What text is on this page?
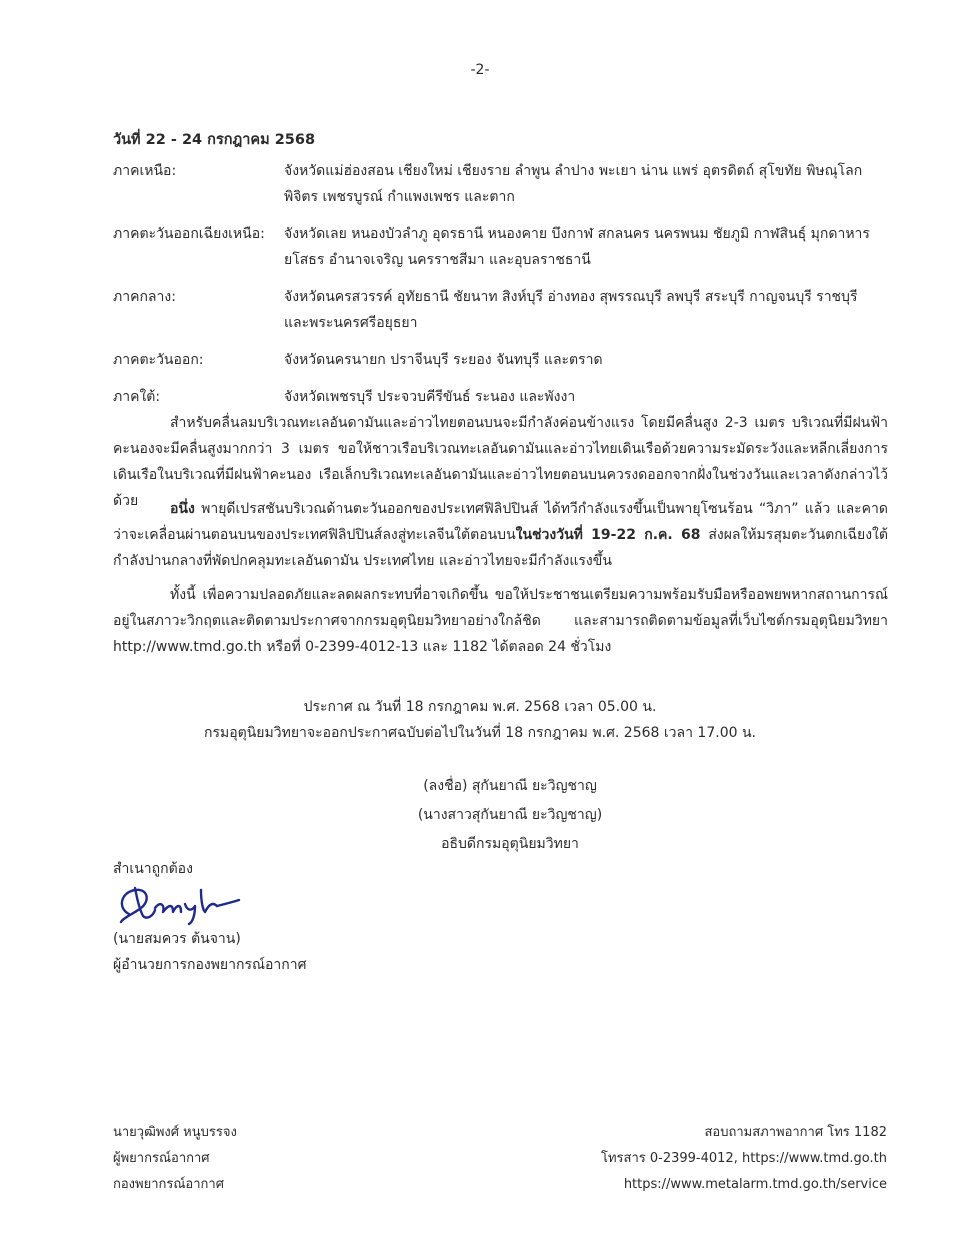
-2-
วันที่ 22 - 24 กรกฎาคม 2568
ภาคเหนือ:	จังหวัดแม่ฮ่องสอน เชียงใหม่ เชียงราย ลำพูน ลำปาง พะเยา น่าน แพร่ อุตรดิตถ์ สุโขทัย พิษณุโลก พิจิตร เพชรบูรณ์ กำแพงเพชร และตาก
ภาคตะวันออกเฉียงเหนือ:	จังหวัดเลย หนองบัวลำภู อุดรธานี หนองคาย บึงกาฬ สกลนคร นครพนม ชัยภูมิ กาฬสินธุ์ มุกดาหาร ยโสธร อำนาจเจริญ นครราชสีมา และอุบลราชธานี
ภาคกลาง:	จังหวัดนครสวรรค์ อุทัยธานี ชัยนาท สิงห์บุรี อ่างทอง สุพรรณบุรี ลพบุรี สระบุรี กาญจนบุรี ราชบุรี และพระนครศรีอยุธยา
ภาคตะวันออก:	จังหวัดนครนายก ปราจีนบุรี ระยอง จันทบุรี และตราด
ภาคใต้:	จังหวัดเพชรบุรี ประจวบคีรีขันธ์ ระนอง และพังงา

สำหรับคลื่นลมบริเวณทะเลอันดามันและอ่าวไทยตอนบนจะมีกำลังค่อนข้างแรง โดยมีคลื่นสูง 2-3 เมตร บริเวณที่มีฝนฟ้าคะนองจะมีคลื่นสูงมากกว่า 3 เมตร ขอให้ชาวเรือบริเวณทะเลอันดามันและอ่าวไทยเดินเรือด้วยความระมัดระวังและหลีกเลี่ยงการเดินเรือในบริเวณที่มีฝนฟ้าคะนอง เรือเล็กบริเวณทะเลอันดามันและอ่าวไทยตอนบนควรงดออกจากฝั่งในช่วงวันและเวลาดังกล่าวไว้ด้วย	อนึ่ง พายุดีเปรสชันบริเวณด้านตะวันออกของประเทศฟิลิปปินส์ ได้ทวีกำลังแรงขึ้นเป็นพายุโซนร้อน “วิภา” แล้ว และคาดว่าจะเคลื่อนผ่านตอนบนของประเทศฟิลิปปินส์ลงสู่ทะเลจีนใต้ตอนบนในช่วงวันที่ 19-22 ก.ค. 68 ส่งผลให้มรสุมตะวันตกเฉียงใต้กำลังปานกลางที่พัดปกคลุมทะเลอันดามัน ประเทศไทย และอ่าวไทยจะมีกำลังแรงขึ้น

ทั้งนี้ เพื่อความปลอดภัยและลดผลกระทบที่อาจเกิดขึ้น ขอให้ประชาชนเตรียมความพร้อมรับมือหรืออพยพหากสถานการณ์อยู่ในสภาวะวิกฤตและติดตามประกาศจากกรมอุตุนิยมวิทยาอย่างใกล้ชิด และสามารถติดตามข้อมูลที่เว็บไซต์กรมอุตุนิยมวิทยา http://www.tmd.go.th หรือที่ 0-2399-4012-13 และ 1182 ได้ตลอด 24 ชั่วโมง

ประกาศ ณ วันที่ 18 กรกฎาคม พ.ศ. 2568 เวลา 05.00 น.
กรมอุตุนิยมวิทยาจะออกประกาศฉบับต่อไปในวันที่ 18 กรกฎาคม พ.ศ. 2568 เวลา 17.00 น.
(ลงชื่อ) สุกันยาณี ยะวิญชาญ
(นางสาวสุกันยาณี ยะวิญชาญ)
อธิบดีกรมอุตุนิยมวิทยา
สำเนาถูกต้อง
(นายสมควร ต้นจาน)
ผู้อำนวยการกองพยากรณ์อากาศ
นายวุฒิพงศ์ หนูบรรจง
ผู้พยากรณ์อากาศ
กองพยากรณ์อากาศ
สอบถามสภาพอากาศ โทร 1182
โทรสาร 0-2399-4012, https://www.tmd.go.th
https://www.metalarm.tmd.go.th/service
